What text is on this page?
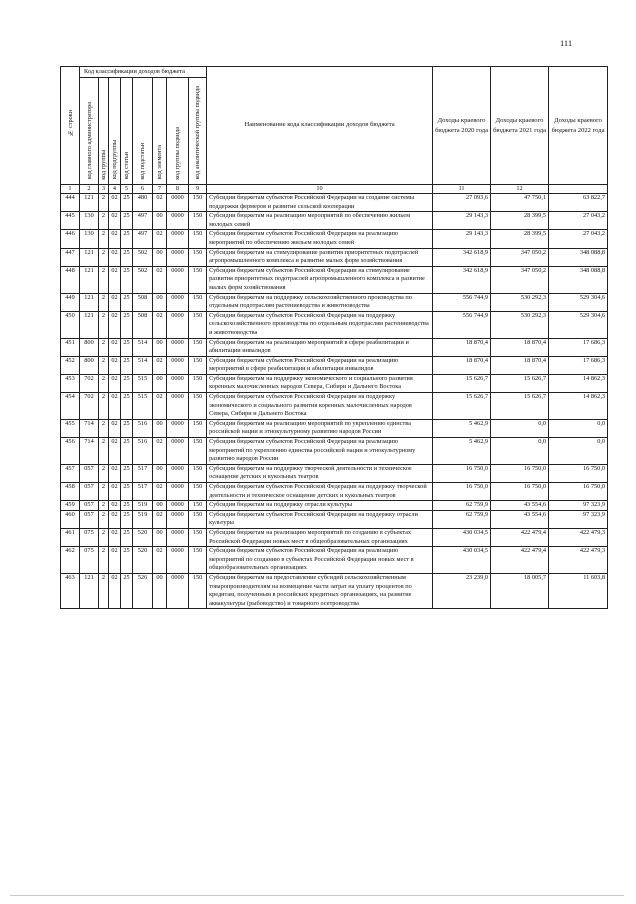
111
№ строки	Код классификации доходов бюджета								Наименование кода классификации доходов бюджета	Доходы краевого бюджета 2020 года	Доходы краевого бюджета 2021 года	Доходы краевого бюджета 2022 года
	код главного администратора	код группы	код подгруппы	код статьи	код подстатьи	код элемента	код группы подвида	код аналитической группы подвида				
1	2	3	4	5	6	7	8	9	10	11	12	
444	121	2	02	25	480	02	0000	150	Субсидии бюджетам субъектов Российской Федерации на создание системы поддержки фермеров и развитие сельской кооперации	27 093,6	47 750,1	63 822,7
445	130	2	02	25	497	00	0000	150	Субсидии бюджетам на реализацию мероприятий по обеспечению жильем молодых семей	29 143,3	28 399,5	27 043,2
446	130	2	02	25	497	02	0000	150	Субсидии бюджетам субъектов Российской Федерации на реализацию мероприятий по обеспечению жильем молодых семей	29 143,3	28 399,5	27 043,2
447	121	2	02	25	502	00	0000	150	Субсидии бюджетам на стимулирование развития приоритетных подотраслей агропромышленного комплекса и развитие малых форм хозяйствования	342 618,9	347 050,2	348 088,8
448	121	2	02	25	502	02	0000	150	Субсидии бюджетам субъектов Российской Федерации на стимулирование развития приоритетных подотраслей агропромышленного комплекса и развитие малых форм хозяйствования	342 618,9	347 050,2	348 088,8
449	121	2	02	25	508	00	0000	150	Субсидии бюджетам на поддержку сельскохозяйственного производства по отдельным подотраслям растениеводства и животноводства	556 744,9	530 292,3	529 304,6
450	121	2	02	25	508	02	0000	150	Субсидии бюджетам субъектов Российской Федерации на поддержку сельскохозяйственного производства по отдельным подотраслям растениеводства и животноводства	556 744,9	530 292,3	529 304,6
451	800	2	02	25	514	00	0000	150	Субсидии бюджетам на реализацию мероприятий в сфере реабилитации и абилитации инвалидов	18 870,4	18 870,4	17 686,3
452	800	2	02	25	514	02	0000	150	Субсидии бюджетам субъектов Российской Федерации на реализацию мероприятий в сфере реабилитации и абилитации инвалидов	18 870,4	18 870,4	17 686,3
453	702	2	02	25	515	00	0000	150	Субсидии бюджетам на поддержку экономического и социального развития коренных малочисленных народов Севера, Сибири и Дальнего Востока	15 626,7	15 626,7	14 862,3
454	702	2	02	25	515	02	0000	150	Субсидии бюджетам субъектов Российской Федерации на поддержку экономического и социального развития коренных малочисленных народов Севера, Сибири и Дальнего Востока	15 626,7	15 626,7	14 862,3
455	714	2	02	25	516	00	0000	150	Субсидии бюджетам на реализацию мероприятий по укреплению единства российской нации и этнокультурному развитию народов России	5 462,9	0,0	0,0
456	714	2	02	25	516	02	0000	150	Субсидии бюджетам субъектов Российской Федерации на реализацию мероприятий по укреплению единства российской нации и этнокультурному развитию народов России	5 462,9	0,0	0,0
457	057	2	02	25	517	00	0000	150	Субсидии бюджетам на поддержку творческой деятельности и техническое оснащение детских и кукольных театров	16 750,0	16 750,0	16 750,0
458	057	2	02	25	517	02	0000	150	Субсидии бюджетам субъектов Российской Федерации на поддержку творческой деятельности и техническое оснащение детских и кукольных театров	16 750,0	16 750,0	16 750,0
459	057	2	02	25	519	00	0000	150	Субсидии бюджетам на поддержку отрасли культуры	62 759,9	43 554,6	97 323,9
460	057	2	02	25	519	02	0000	150	Субсидии бюджетам субъектов Российской Федерации на поддержку отрасли культуры	62 759,9	43 554,6	97 323,9
461	075	2	02	25	520	00	0000	150	Субсидии бюджетам на реализацию мероприятий по созданию в субъектах Российской Федерации новых мест в общеобразовательных организациях	430 034,5	422 479,4	422 479,3
462	075	2	02	25	520	02	0000	150	Субсидии бюджетам субъектов Российской Федерации на реализацию мероприятий по созданию в субъектах Российской Федерации новых мест в общеобразовательных организациях	430 034,5	422 479,4	422 479,3
463	121	2	02	25	526	00	0000	150	Субсидии бюджетам на предоставление субсидий сельскохозяйственным товаропроизводителям на возмещение части затрат на уплату процентов по кредитам, полученным в российских кредитных организациях, на развитие аквакультуры (рыбоводство) и товарного осетроводства	23 239,0	18 005,7	11 603,8
